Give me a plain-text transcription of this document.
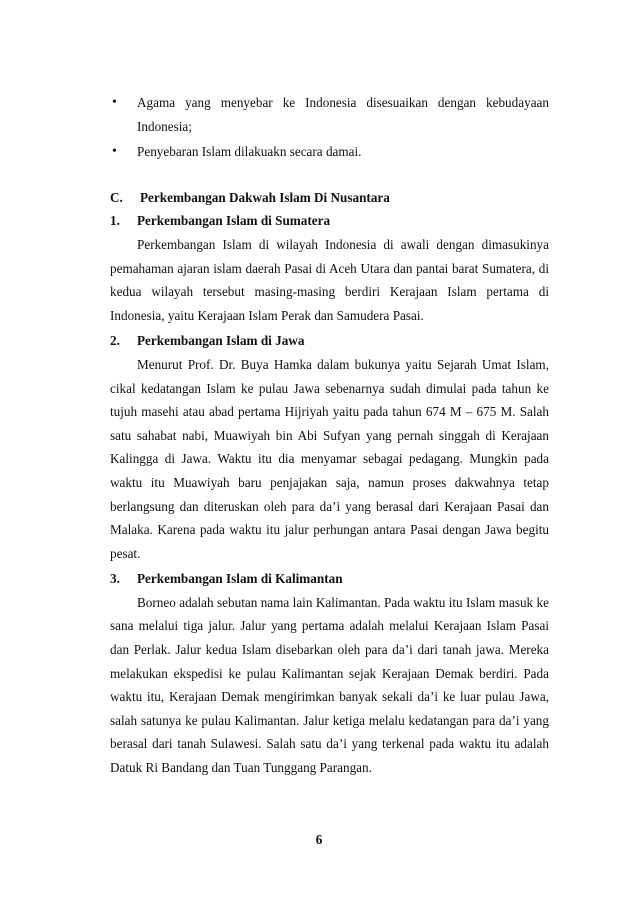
• Agama yang menyebar ke Indonesia disesuaikan dengan kebudayaan Indonesia;
• Penyebaran Islam dilakuakn secara damai.

C. Perkembangan Dakwah Islam Di Nusantara

1. Perkembangan Islam di Sumatera

Perkembangan Islam di wilayah Indonesia di awali dengan dimasukinya pemahaman ajaran islam daerah Pasai di Aceh Utara dan pantai barat Sumatera, di kedua wilayah tersebut masing-masing berdiri Kerajaan Islam pertama di Indonesia, yaitu Kerajaan Islam Perak dan Samudera Pasai.

2. Perkembangan Islam di Jawa

Menurut Prof. Dr. Buya Hamka dalam bukunya yaitu Sejarah Umat Islam, cikal kedatangan Islam ke pulau Jawa sebenarnya sudah dimulai pada tahun ke tujuh masehi atau abad pertama Hijriyah yaitu pada tahun 674 M – 675 M. Salah satu sahabat nabi, Muawiyah bin Abi Sufyan yang pernah singgah di Kerajaan Kalingga di Jawa. Waktu itu dia menyamar sebagai pedagang. Mungkin pada waktu itu Muawiyah baru penjajakan saja, namun proses dakwahnya tetap berlangsung dan diteruskan oleh para da’i yang berasal dari Kerajaan Pasai dan Malaka. Karena pada waktu itu jalur perhungan antara Pasai dengan Jawa begitu pesat.

3. Perkembangan Islam di Kalimantan

Borneo adalah sebutan nama lain Kalimantan. Pada waktu itu Islam masuk ke sana melalui tiga jalur. Jalur yang pertama adalah melalui Kerajaan Islam Pasai dan Perlak. Jalur kedua Islam disebarkan oleh para da’i dari tanah jawa. Mereka melakukan ekspedisi ke pulau Kalimantan sejak Kerajaan Demak berdiri. Pada waktu itu, Kerajaan Demak mengirimkan banyak sekali da’i ke luar pulau Jawa, salah satunya ke pulau Kalimantan. Jalur ketiga melalu kedatangan para da’i yang berasal dari tanah Sulawesi. Salah satu da’i yang terkenal pada waktu itu adalah Datuk Ri Bandang dan Tuan Tunggang Parangan.

6
